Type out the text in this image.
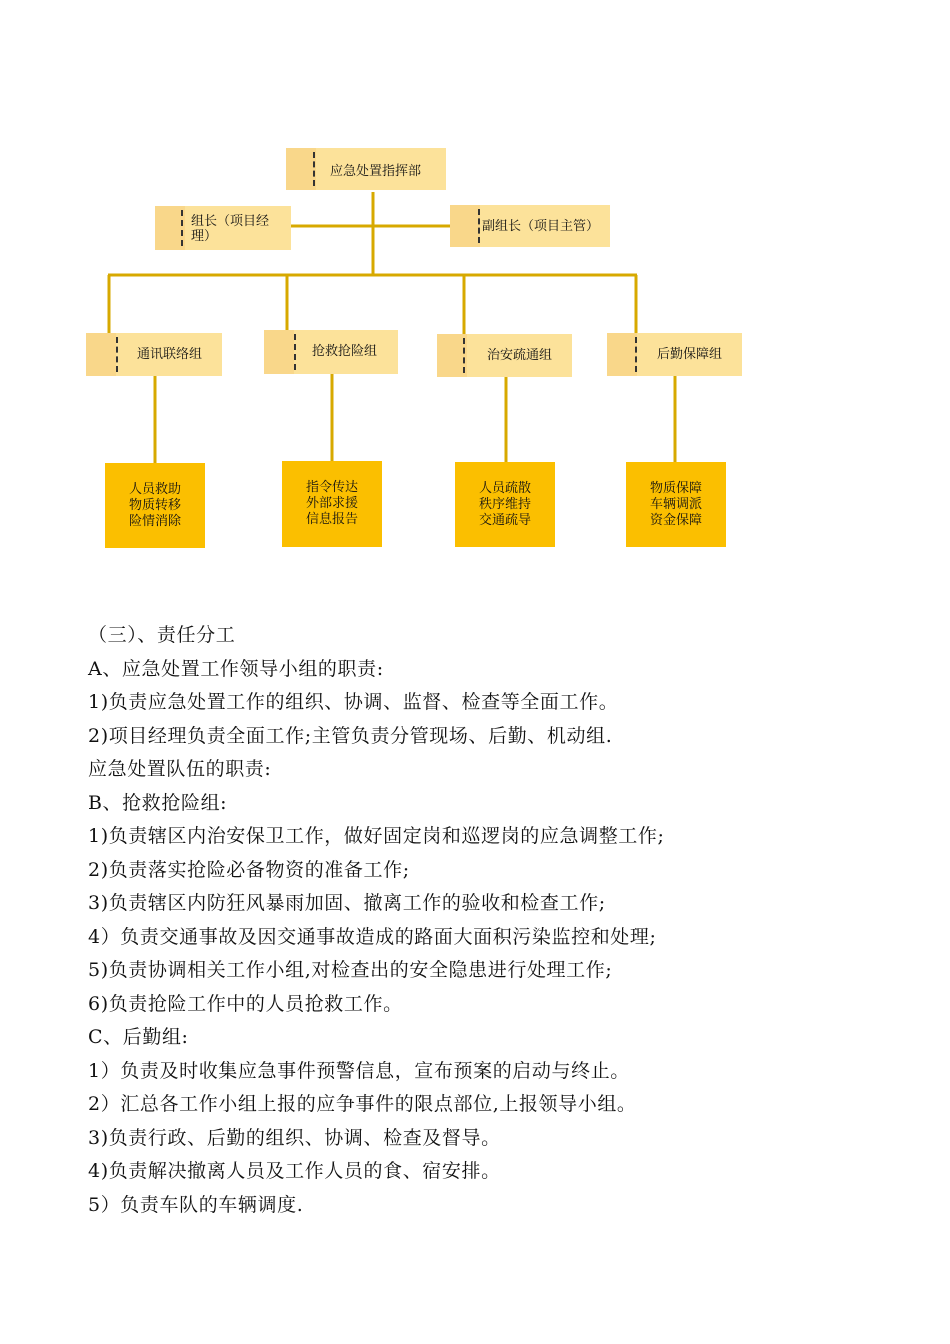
应急处置指挥部
组长（项目经理）
副组长（项目主管）
通讯联络组	抢救抢险组	治安疏通组	后勤保障组
人员救助
物质转移
险情消除
指令传达
外部求援
信息报告
人员疏散
秩序维持
交通疏导
物质保障
车辆调派
资金保障
（三）、责任分工
A、应急处置工作领导小组的职责:
1)负责应急处置工作的组织、协调、监督、检查等全面工作。
2)项目经理负责全面工作;主管负责分管现场、后勤、机动组.
应急处置队伍的职责:
B、抢救抢险组:
1)负责辖区内治安保卫工作，做好固定岗和巡逻岗的应急调整工作;
2)负责落实抢险必备物资的准备工作;
3)负责辖区内防狂风暴雨加固、撤离工作的验收和检查工作;
4）负责交通事故及因交通事故造成的路面大面积污染监控和处理;
5)负责协调相关工作小组,对检查出的安全隐患进行处理工作;
6)负责抢险工作中的人员抢救工作。
C、后勤组:
1）负责及时收集应急事件预警信息，宣布预案的启动与终止。
2）汇总各工作小组上报的应争事件的限点部位,上报领导小组。
3)负责行政、后勤的组织、协调、检查及督导。
4)负责解决撤离人员及工作人员的食、宿安排。
5）负责车队的车辆调度.
